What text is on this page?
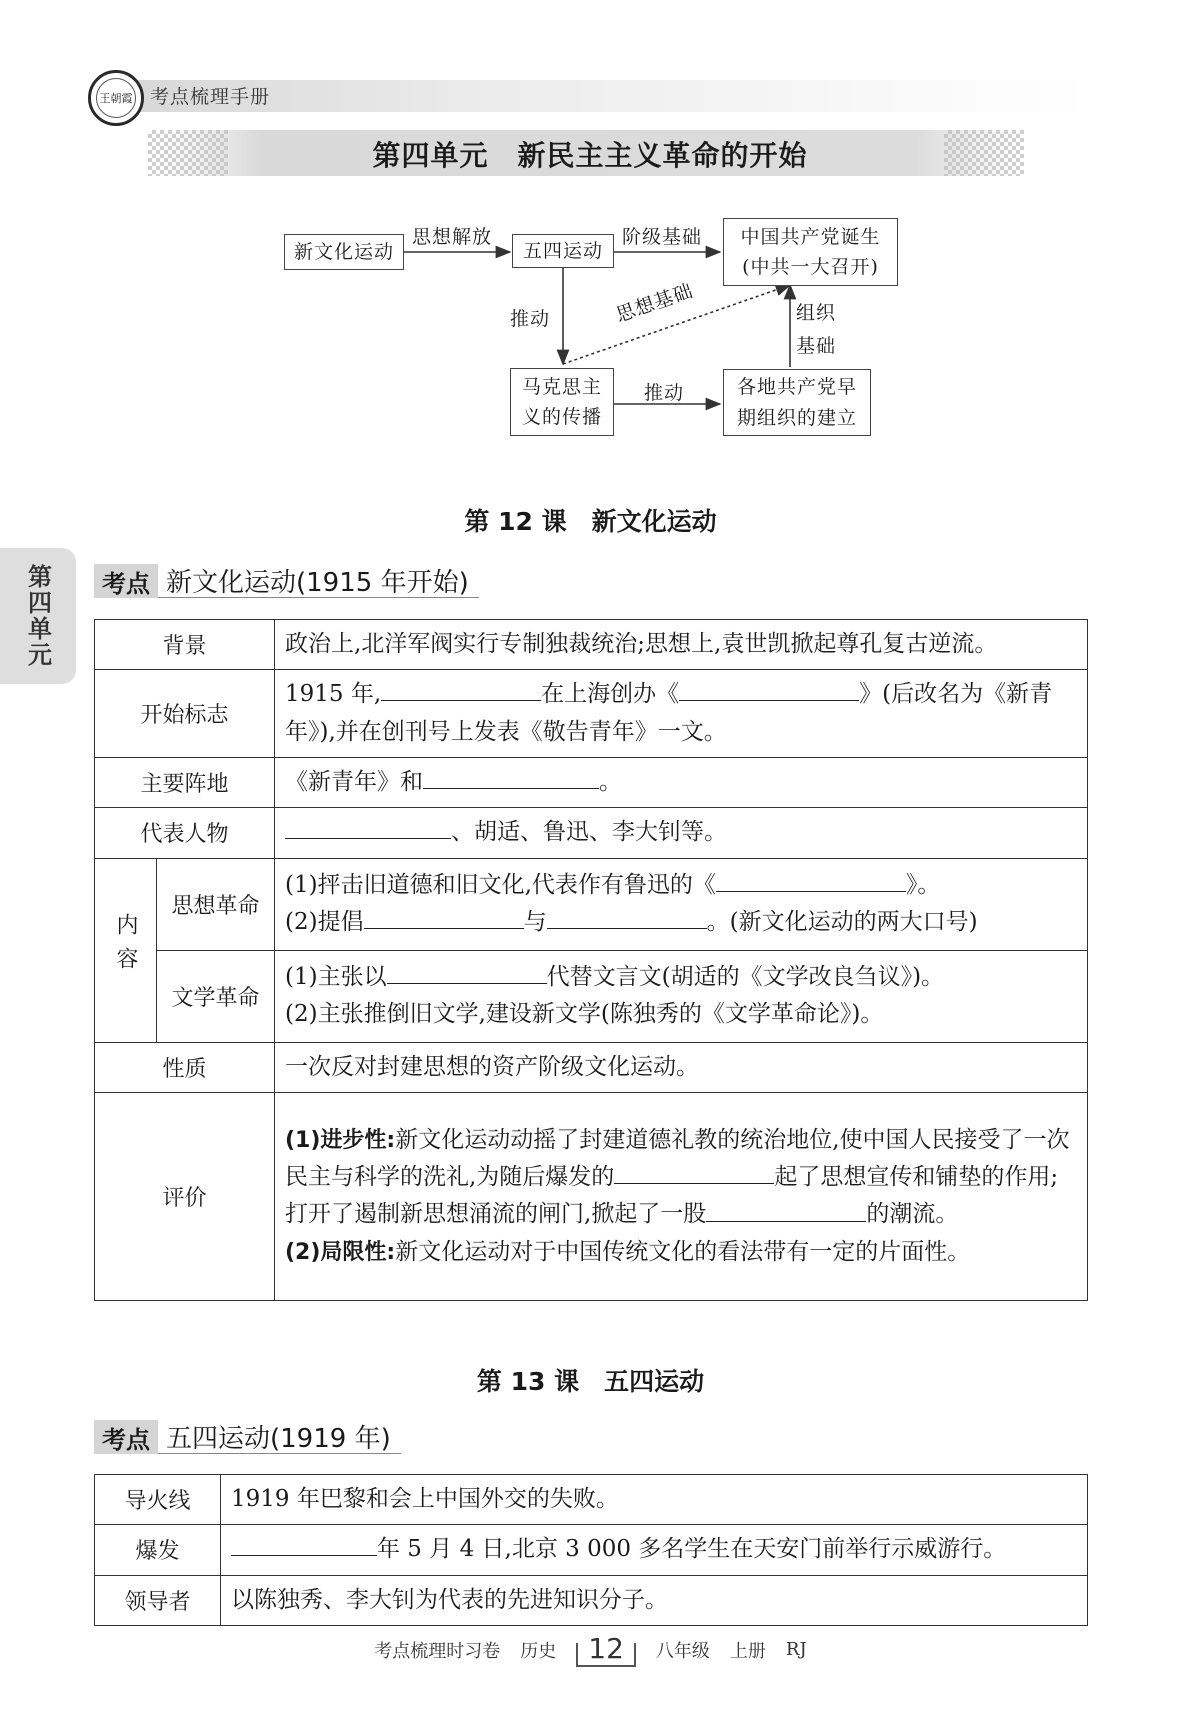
王朝霞 考点梳理手册
第四单元　新民主主义革命的开始
第四单元
新文化运动	五四运动
中国共产党诞生
(中共一大召开)
马克思主
义的传播
各地共产党早
期组织的建立
思想解放	阶级基础
推动	思想基础	组织
基础
推动
第 12 课　新文化运动
考点 新文化运动(1915 年开始)
背景		政治上,北洋军阀实行专制独裁统治;思想上,袁世凯掀起尊孔复古逆流。
开始标志		1915 年, 在上海创办《 》(后改名为《新青年》),并在创刊号上发表《敬告青年》一文。
主要阵地		《新青年》和 。
代表人物		、胡适、鲁迅、李大钊等。
内容	思想革命	(1)抨击旧道德和旧文化,代表作有鲁迅的《 》。
(2)提倡 与 。(新文化运动的两大口号)

	文学革命	(1)主张以 代替文言文(胡适的《文学改良刍议》)。
(2)主张推倒旧文学,建设新文学(陈独秀的《文学革命论》)。

性质		一次反对封建思想的资产阶级文化运动。
评价		(1)进步性:新文化运动动摇了封建道德礼教的统治地位,使中国人民接受了一次民主与科学的洗礼,为随后爆发的 起了思想宣传和铺垫的作用;打开了遏制新思想涌流的闸门,掀起了一股 的潮流。
(2)局限性:新文化运动对于中国传统文化的看法带有一定的片面性。
第 13 课　五四运动
考点 五四运动(1919 年)
导火线	1919 年巴黎和会上中国外交的失败。
爆发	年 5 月 4 日,北京 3 000 多名学生在天安门前举行示威游行。
领导者	以陈独秀、李大钊为代表的先进知识分子。
考点梳理时习卷 历史	12	八年级 上册 RJ
